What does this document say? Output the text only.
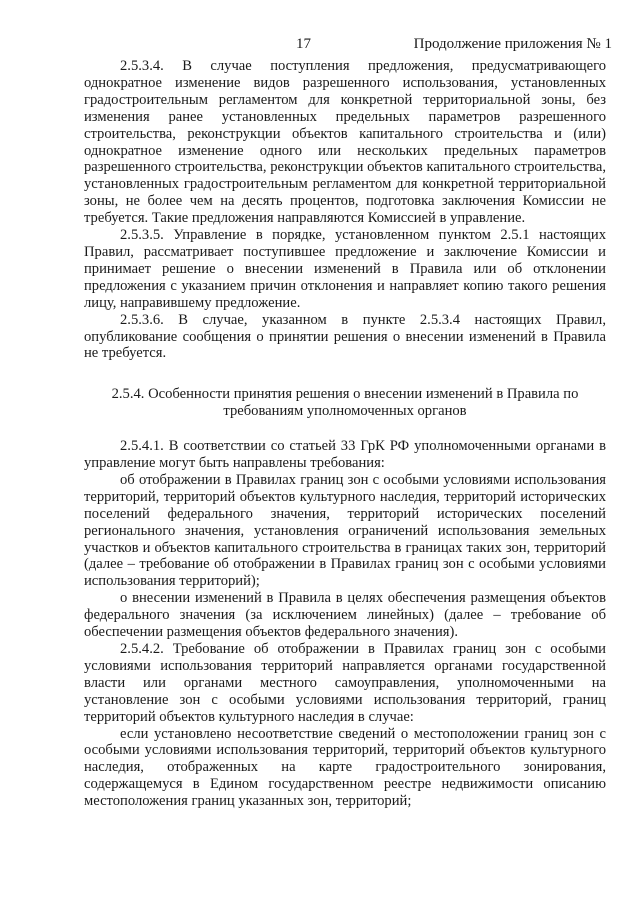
17	Продолжение приложения № 1

2.5.3.4. В случае поступления предложения, предусматривающего однократное изменение видов разрешенного использования, установленных градостроительным регламентом для конкретной территориальной зоны, без изменения ранее установленных предельных параметров разрешенного строительства, реконструкции объектов капитального строительства и (или) однократное изменение одного или нескольких предельных параметров разрешенного строительства, реконструкции объектов капитального строительства, установленных градостроительным регламентом для конкретной территориальной зоны, не более чем на десять процентов, подготовка заключения Комиссии не требуется. Такие предложения направляются Комиссией в управление.

2.5.3.5. Управление в порядке, установленном пунктом 2.5.1 настоящих Правил, рассматривает поступившее предложение и заключение Комиссии и принимает решение о внесении изменений в Правила или об отклонении предложения с указанием причин отклонения и направляет копию такого решения лицу, направившему предложение.

2.5.3.6. В случае, указанном в пункте 2.5.3.4 настоящих Правил, опубликование сообщения о принятии решения о внесении изменений в Правила не требуется.

2.5.4. Особенности принятия решения о внесении изменений в Правила по требованиям уполномоченных органов

2.5.4.1. В соответствии со статьей 33 ГрК РФ уполномоченными органами в управление могут быть направлены требования:

об отображении в Правилах границ зон с особыми условиями использования территорий, территорий объектов культурного наследия, территорий исторических поселений федерального значения, территорий исторических поселений регионального значения, установления ограничений использования земельных участков и объектов капитального строительства в границах таких зон, территорий (далее – требование об отображении в Правилах границ зон с особыми условиями использования территорий);

о внесении изменений в Правила в целях обеспечения размещения объектов федерального значения (за исключением линейных) (далее – требование об обеспечении размещения объектов федерального значения).

2.5.4.2. Требование об отображении в Правилах границ зон с особыми условиями использования территорий направляется органами государственной власти или органами местного самоуправления, уполномоченными на установление зон с особыми условиями использования территорий, границ территорий объектов культурного наследия в случае:

если установлено несоответствие сведений о местоположении границ зон с особыми условиями использования территорий, территорий объектов культурного наследия, отображенных на карте градостроительного зонирования, содержащемуся в Едином государственном реестре недвижимости описанию местоположения границ указанных зон, территорий;
